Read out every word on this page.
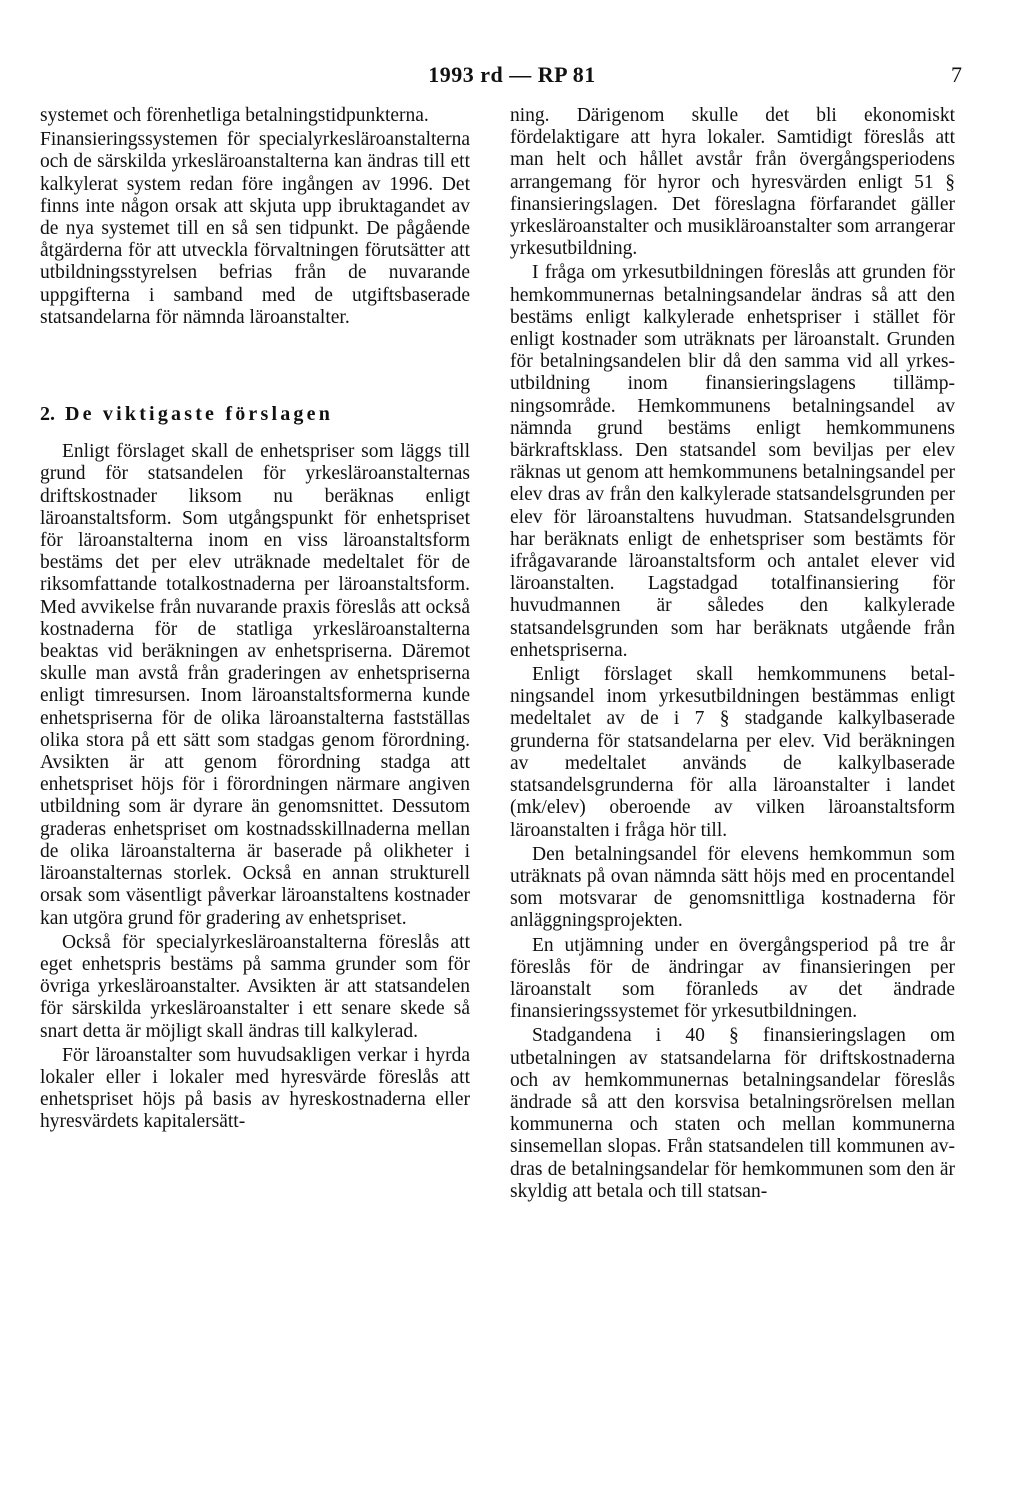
1993 rd — RP 81	7

systemet och förenhetliga betalningstidpunkterna.

Finansieringssystemen för specialyrkesläroanstalterna och de särskilda yrkesläroanstalterna kan ändras till ett kalkylerat system redan före ingången av 1996. Det finns inte någon orsak att skjuta upp ibruktagandet av de nya systemet till en så sen tidpunkt. De pågående åtgärderna för att utveckla förvaltningen förutsätter att utbildningsstyrelsen befrias från de nuvarande uppgifterna i samband med de utgiftsbaserade statsandelarna för nämnda läroanstalter.

2. De viktigaste förslagen

Enligt förslaget skall de enhetspriser som läggs till grund för statsandelen för yrkesläroanstalternas driftskostnader liksom nu beräknas enligt läroanstaltsform. Som utgångspunkt för enhetspriset för läroanstalterna inom en viss läroanstaltsform bestäms det per elev uträknade medeltalet för de riksomfattande totalkostnaderna per läroanstaltsform. Med avvikelse från nuvarande praxis föreslås att också kostnaderna för de statliga yrkesläroanstalterna beaktas vid beräkningen av enhetspriserna. Däremot skulle man avstå från graderingen av enhetspriserna enligt timresursen. Inom läroanstaltsformerna kunde enhetspriserna för de olika läroanstalterna fastställas olika stora på ett sätt som stadgas genom förordning. Avsikten är att genom förordning stadga att enhetspriset höjs för i förordningen närmare angiven utbildning som är dyrare än genomsnittet. Dessutom graderas enhetspriset om kostnadsskillnaderna mellan de olika läroanstalterna är baserade på olikheter i läroanstalternas storlek. Också en annan strukturell orsak som väsentligt påverkar läroanstaltens kostnader kan utgöra grund för gradering av enhetspriset.

Också för specialyrkesläroanstalterna föreslås att eget enhetspris bestäms på samma grunder som för övriga yrkesläroanstalter. Avsikten är att statsandelen för särskilda yrkesläroanstalter i ett senare skede så snart detta är möjligt skall ändras till kalkylerad.

För läroanstalter som huvudsakligen verkar i hyrda lokaler eller i lokaler med hyresvärde föreslås att enhetspriset höjs på basis av hyreskostnaderna eller hyresvärdets kapitalersätt-

ning. Därigenom skulle det bli ekonomiskt fördelaktigare att hyra lokaler. Samtidigt föreslås att man helt och hållet avstår från övergångsperiodens arrangemang för hyror och hyresvärden enligt 51 § finansieringslagen. Det föreslagna förfarandet gäller yrkesläroanstalter och musikläroanstalter som arrangerar yrkesutbildning.

I fråga om yrkesutbildningen föreslås att grunden för hemkommunernas betalningsandelar ändras så att den bestäms enligt kalkylerade enhetspriser i stället för enligt kostnader som uträknats per läroanstalt. Grunden för betalningsandelen blir då den samma vid all yrkesutbildning inom finansieringslagens tillämpningsområde. Hemkommunens betalningsandel av nämnda grund bestäms enligt hemkommunens bärkraftsklass. Den statsandel som beviljas per elev räknas ut genom att hemkommunens betalningsandel per elev dras av från den kalkylerade statsandelsgrunden per elev för läroanstaltens huvudman. Statsandelsgrunden har beräknats enligt de enhetspriser som bestämts för ifrågavarande läroanstaltsform och antalet elever vid läroanstalten. Lagstadgad totalfinansiering för huvudmannen är således den kalkylerade statsandelsgrunden som har beräknats utgående från enhetspriserna.

Enligt förslaget skall hemkommunens betalningsandel inom yrkesutbildningen bestämmas enligt medeltalet av de i 7 § stadgande kalkylbaserade grunderna för statsandelarna per elev. Vid beräkningen av medeltalet används de kalkylbaserade statsandelsgrunderna för alla läroanstalter i landet (mk/elev) oberoende av vilken läroanstaltsform läroanstalten i fråga hör till.

Den betalningsandel för elevens hemkommun som uträknats på ovan nämnda sätt höjs med en procentandel som motsvarar de genomsnittliga kostnaderna för anläggningsprojekten.

En utjämning under en övergångsperiod på tre år föreslås för de ändringar av finansieringen per läroanstalt som föranleds av det ändrade finansieringssystemet för yrkesutbildningen.

Stadgandena i 40 § finansieringslagen om utbetalningen av statsandelarna för driftskostnaderna och av hemkommunernas betalningsandelar föreslås ändrade så att den korsvisa betalningsrörelsen mellan kommunerna och staten och mellan kommunerna sinsemellan slopas. Från statsandelen till kommunen avdras de betalningsandelar för hemkommunen som den är skyldig att betala och till statsan-
